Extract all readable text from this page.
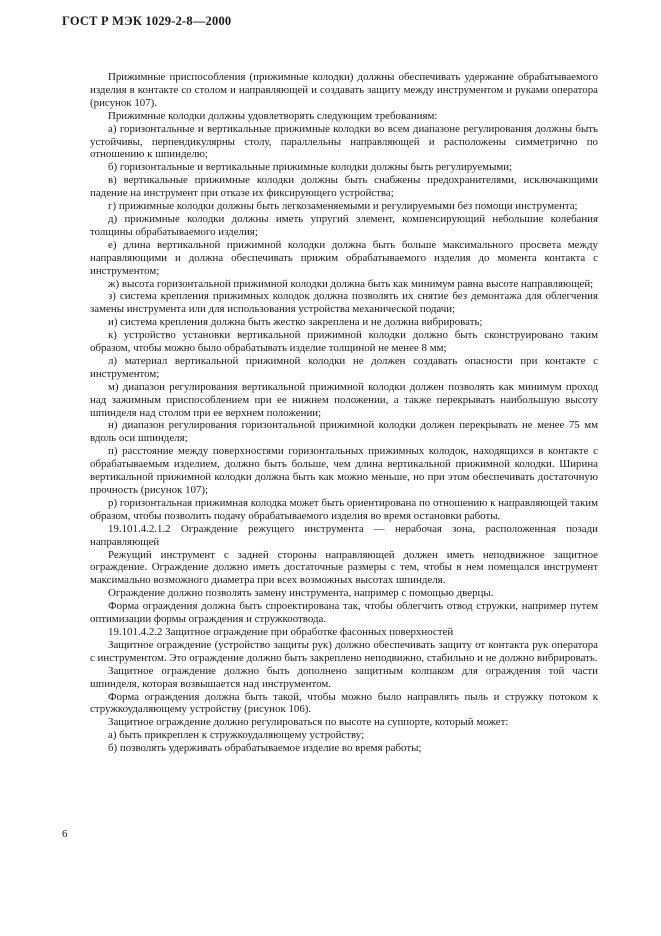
ГОСТ Р МЭК 1029-2-8—2000

Прижимные приспособления (прижимные колодки) должны обеспечивать удержание обрабатываемого изделия в контакте со столом и направляющей и создавать защиту между инструментом и руками оператора (рисунок 107).

Прижимные колодки должны удовлетворять следующим требованиям:

а) горизонтальные и вертикальные прижимные колодки во всем диапазоне регулирования должны быть устойчивы, перпендикулярны столу, параллельны направляющей и расположены симметрично по отношению к шпинделю;

б) горизонтальные и вертикальные прижимные колодки должны быть регулируемыми;

в) вертикальные прижимные колодки должны быть снабжены предохранителями, исключающими падение на инструмент при отказе их фиксирующего устройства;

г) прижимные колодки должны быть легкозаменяемыми и регулируемыми без помощи инструмента;

д) прижимные колодки должны иметь упругий элемент, компенсирующий небольшие колебания толщины обрабатываемого изделия;

е) длина вертикальной прижимной колодки должна быть больше максимального просвета между направляющими и должна обеспечивать прижим обрабатываемого изделия до момента контакта с инструментом;

ж) высота горизонтальной прижимной колодки должна быть как минимум равна высоте направляющей;

з) система крепления прижимных колодок должна позволять их снятие без демонтажа для облегчения замены инструмента или для использования устройства механической подачи;

и) система крепления должна быть жестко закреплена и не должна вибрировать;

к) устройство установки вертикальной прижимной колодки должно быть сконструировано таким образом, чтобы можно было обрабатывать изделие толщиной не менее 8 мм;

л) материал вертикальной прижимной колодки не должен создавать опасности при контакте с инструментом;

м) диапазон регулирования вертикальной прижимной колодки должен позволять как минимум проход над зажимным приспособлением при ее нижнем положении, а также перекрывать наибольшую высоту шпинделя над столом при ее верхнем положении;

н) диапазон регулирования горизонтальной прижимной колодки должен перекрывать не менее 75 мм вдоль оси шпинделя;

п) расстояние между поверхностями горизонтальных прижимных колодок, находящихся в контакте с обрабатываемым изделием, должно быть больше, чем длина вертикальной прижимной колодки. Ширина вертикальной прижимной колодки должна быть как можно меньше, но при этом обеспечивать достаточную прочность (рисунок 107);

р) горизонтальная прижимная колодка может быть ориентирована по отношению к направляющей таким образом, чтобы позволить подачу обрабатываемого изделия во время остановки работы.

19.101.4.2.1.2 Ограждение режущего инструмента — нерабочая зона, расположенная позади направляющей

Режущий инструмент с задней стороны направляющей должен иметь неподвижное защитное ограждение. Ограждение должно иметь достаточные размеры с тем, чтобы в нем помещался инструмент максимально возможного диаметра при всех возможных высотах шпинделя.

Ограждение должно позволять замену инструмента, например с помощью дверцы.

Форма ограждения должна быть спроектирована так, чтобы облегчить отвод стружки, например путем оптимизации формы ограждения и стружкоотвода.

19.101.4.2.2 Защитное ограждение при обработке фасонных поверхностей

Защитное ограждение (устройство защиты рук) должно обеспечивать защиту от контакта рук оператора с инструментом. Это ограждение должно быть закреплено неподвижно, стабильно и не должно вибрировать.

Защитное ограждение должно быть дополнено защитным колпаком для ограждения той части шпинделя, которая возвышается над инструментом.

Форма ограждения должна быть такой, чтобы можно было направлять пыль и стружку потоком к стружкоудаляющему устройству (рисунок 106).

Защитное ограждение должно регулироваться по высоте на суппорте, который может:

а) быть прикреплен к стружкоудаляющему устройству;

б) позволять удерживать обрабатываемое изделие во время работы;

6
